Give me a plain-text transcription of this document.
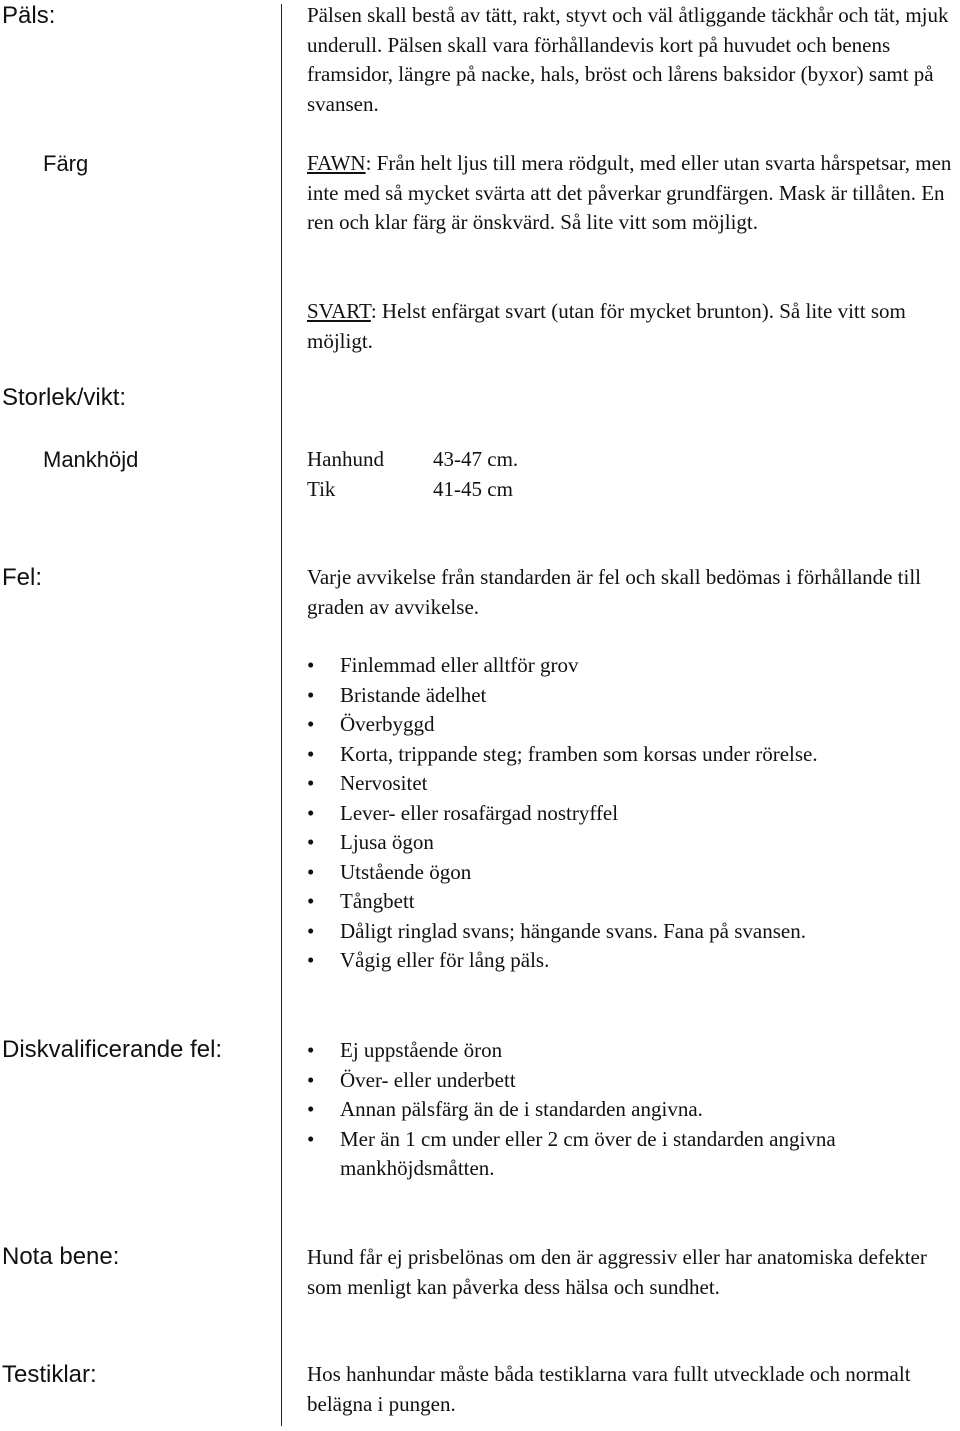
Päls:	Pälsen skall bestå av tätt, rakt, styvt och väl åtliggande täckhår och tät, mjuk underull. Pälsen skall vara förhållandevis kort på huvudet och benens framsidor, längre på nacke, hals, bröst och lårens baksidor (byxor) samt på svansen.

Färg	FAWN: Från helt ljus till mera rödgult, med eller utan svarta hårspetsar, men inte med så mycket svärta att det påverkar grundfärgen. Mask är tillåten. En ren och klar färg är önskvärd. Så lite vitt som möjligt.

SVART: Helst enfärgat svart (utan för mycket brunton). Så lite vitt som möjligt.

Storlek/vikt:
Mankhöjd	Hanhund	43-47 cm.
Tik	41-45 cm
Fel:	Varje avvikelse från standarden är fel och skall bedömas i förhållande till graden av avvikelse.

• Finlemmad eller alltför grov
• Bristande ädelhet
• Överbyggd
• Korta, trippande steg; framben som korsas under rörelse.
• Nervositet
• Lever- eller rosafärgad nostryffel
• Ljusa ögon
• Utstående ögon
• Tångbett
• Dåligt ringlad svans; hängande svans. Fana på svansen.
• Vågig eller för lång päls.
Diskvalificerande fel:	• Ej uppstående öron
• Över- eller underbett
• Annan pälsfärg än de i standarden angivna.
• Mer än 1 cm under eller 2 cm över de i standarden angivna mankhöjdsmåtten.
Nota bene:	Hund får ej prisbelönas om den är aggressiv eller har anatomiska defekter som menligt kan påverka dess hälsa och sundhet.

Testiklar:	Hos hanhundar måste båda testiklarna vara fullt utvecklade och normalt belägna i pungen.
